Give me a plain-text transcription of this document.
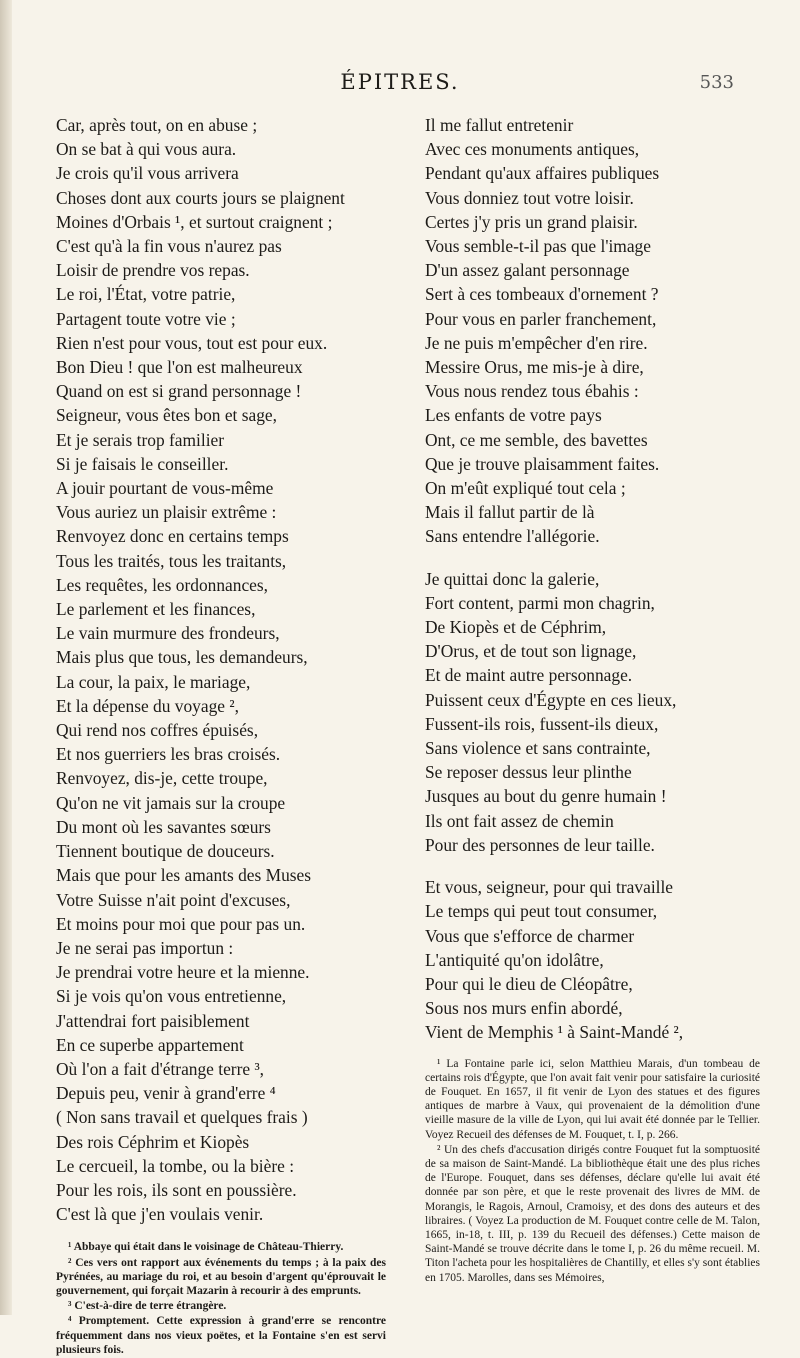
ÉPITRES.	533
Car, après tout, on en abuse ;
On se bat à qui vous aura.
Je crois qu'il vous arrivera
Choses dont aux courts jours se plaignent
Moines d'Orbais ¹, et surtout craignent ;
C'est qu'à la fin vous n'aurez pas
Loisir de prendre vos repas.
Le roi, l'État, votre patrie,
Partagent toute votre vie ;
Rien n'est pour vous, tout est pour eux.
Bon Dieu ! que l'on est malheureux
Quand on est si grand personnage !
Seigneur, vous êtes bon et sage,
Et je serais trop familier
Si je faisais le conseiller.
A jouir pourtant de vous-même
Vous auriez un plaisir extrême :
Renvoyez donc en certains temps
Tous les traités, tous les traitants,
Les requêtes, les ordonnances,
Le parlement et les finances,
Le vain murmure des frondeurs,
Mais plus que tous, les demandeurs,
La cour, la paix, le mariage,
Et la dépense du voyage ²,
Qui rend nos coffres épuisés,
Et nos guerriers les bras croisés.
Renvoyez, dis-je, cette troupe,
Qu'on ne vit jamais sur la croupe
Du mont où les savantes sœurs
Tiennent boutique de douceurs.
Mais que pour les amants des Muses
Votre Suisse n'ait point d'excuses,
Et moins pour moi que pour pas un.
Je ne serai pas importun :
Je prendrai votre heure et la mienne.
Si je vois qu'on vous entretienne,
J'attendrai fort paisiblement
En ce superbe appartement
Où l'on a fait d'étrange terre ³,
Depuis peu, venir à grand'erre ⁴
( Non sans travail et quelques frais )
Des rois Céphrim et Kiopès
Le cercueil, la tombe, ou la bière :
Pour les rois, ils sont en poussière.
C'est là que j'en voulais venir.

¹ Abbaye qui était dans le voisinage de Château-Thierry.

² Ces vers ont rapport aux événements du temps ; à la paix des Pyrénées, au mariage du roi, et au besoin d'argent qu'éprouvait le gouvernement, qui forçait Mazarin à recourir à des emprunts.

³ C'est-à-dire de terre étrangère.

⁴ Promptement. Cette expression à grand'erre se rencontre fréquemment dans nos vieux poëtes, et la Fontaine s'en est servi plusieurs fois.

Il me fallut entretenir
Avec ces monuments antiques,
Pendant qu'aux affaires publiques
Vous donniez tout votre loisir.
Certes j'y pris un grand plaisir.
Vous semble-t-il pas que l'image
D'un assez galant personnage
Sert à ces tombeaux d'ornement ?
Pour vous en parler franchement,
Je ne puis m'empêcher d'en rire.
Messire Orus, me mis-je à dire,
Vous nous rendez tous ébahis :
Les enfants de votre pays
Ont, ce me semble, des bavettes
Que je trouve plaisamment faites.
On m'eût expliqué tout cela ;
Mais il fallut partir de là
Sans entendre l'allégorie.
Je quittai donc la galerie,
Fort content, parmi mon chagrin,
De Kiopès et de Céphrim,
D'Orus, et de tout son lignage,
Et de maint autre personnage.
Puissent ceux d'Égypte en ces lieux,
Fussent-ils rois, fussent-ils dieux,
Sans violence et sans contrainte,
Se reposer dessus leur plinthe
Jusques au bout du genre humain !
Ils ont fait assez de chemin
Pour des personnes de leur taille.
Et vous, seigneur, pour qui travaille
Le temps qui peut tout consumer,
Vous que s'efforce de charmer
L'antiquité qu'on idolâtre,
Pour qui le dieu de Cléopâtre,
Sous nos murs enfin abordé,
Vient de Memphis ¹ à Saint-Mandé ²,

¹ La Fontaine parle ici, selon Matthieu Marais, d'un tombeau de certains rois d'Égypte, que l'on avait fait venir pour satisfaire la curiosité de Fouquet. En 1657, il fit venir de Lyon des statues et des figures antiques de marbre à Vaux, qui provenaient de la démolition d'une vieille masure de la ville de Lyon, qui lui avait été donnée par le Tellier. Voyez Recueil des défenses de M. Fouquet, t. I, p. 266.

² Un des chefs d'accusation dirigés contre Fouquet fut la somptuosité de sa maison de Saint-Mandé. La bibliothèque était une des plus riches de l'Europe. Fouquet, dans ses défenses, déclare qu'elle lui avait été donnée par son père, et que le reste provenait des livres de MM. de Morangis, le Ragois, Arnoul, Cramoisy, et des dons des auteurs et des libraires. ( Voyez La production de M. Fouquet contre celle de M. Talon, 1665, in-18, t. III, p. 139 du Recueil des défenses.) Cette maison de Saint-Mandé se trouve décrite dans le tome I, p. 26 du même recueil. M. Titon l'acheta pour les hospitalières de Chantilly, et elles s'y sont établies en 1705. Marolles, dans ses Mémoires,
